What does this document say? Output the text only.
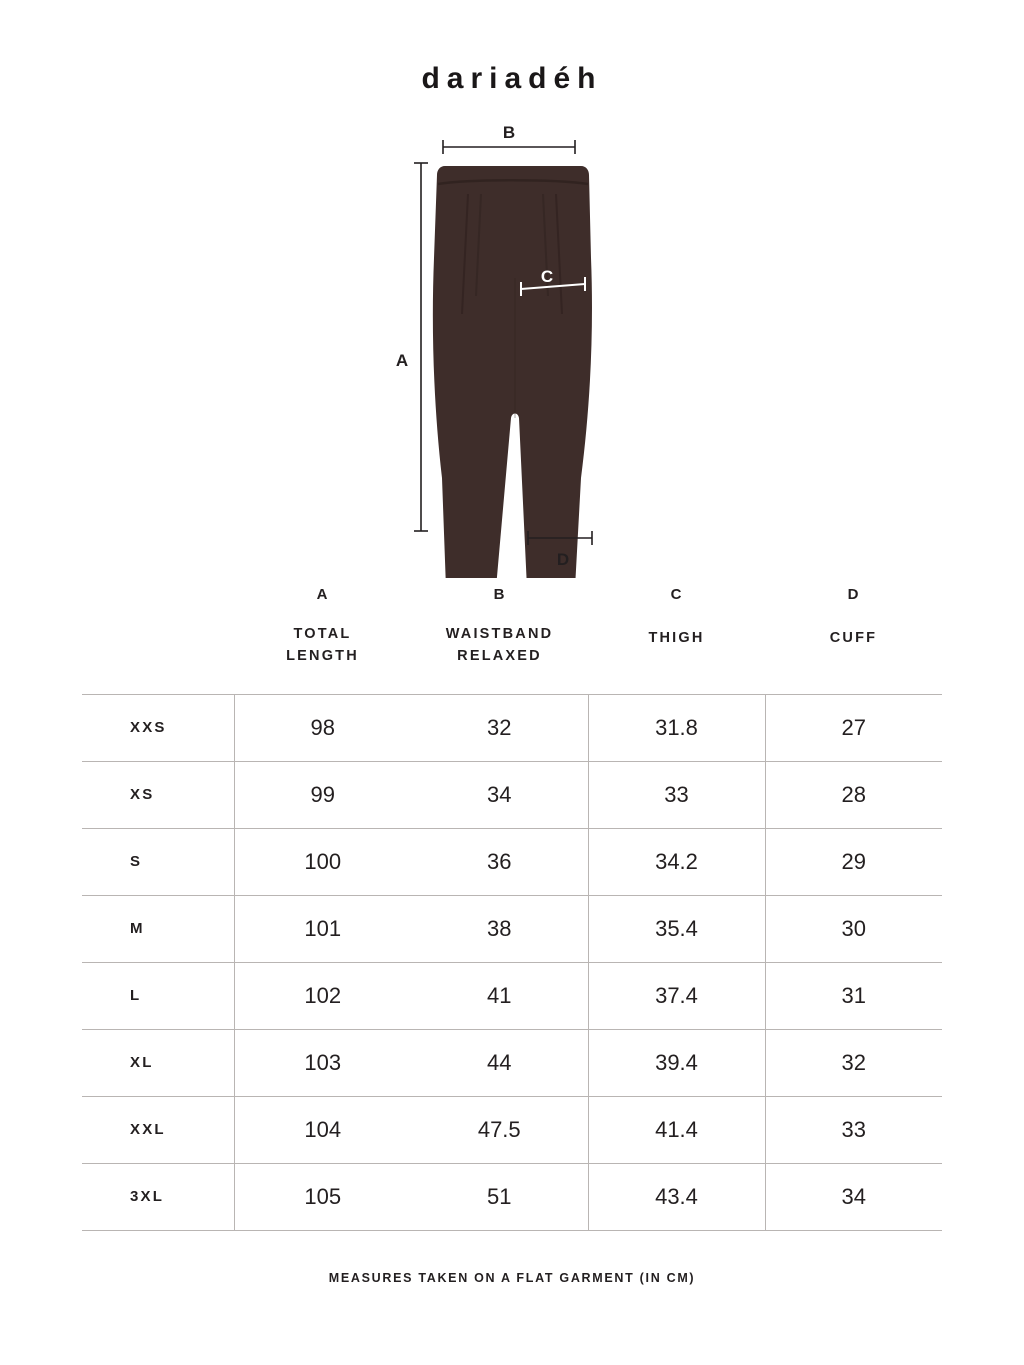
dariadéh
B
A
C
D
A
TOTAL
LENGTH
B
WAISTBAND
RELAXED
C
THIGH
D
CUFF
XXS	98	32	31.8	27
XS	99	34	33	28
S	100	36	34.2	29
M	101	38	35.4	30
L	102	41	37.4	31
XL	103	44	39.4	32
XXL	104	47.5	41.4	33
3XL	105	51	43.4	34
MEASURES TAKEN ON A FLAT GARMENT (IN CM)
